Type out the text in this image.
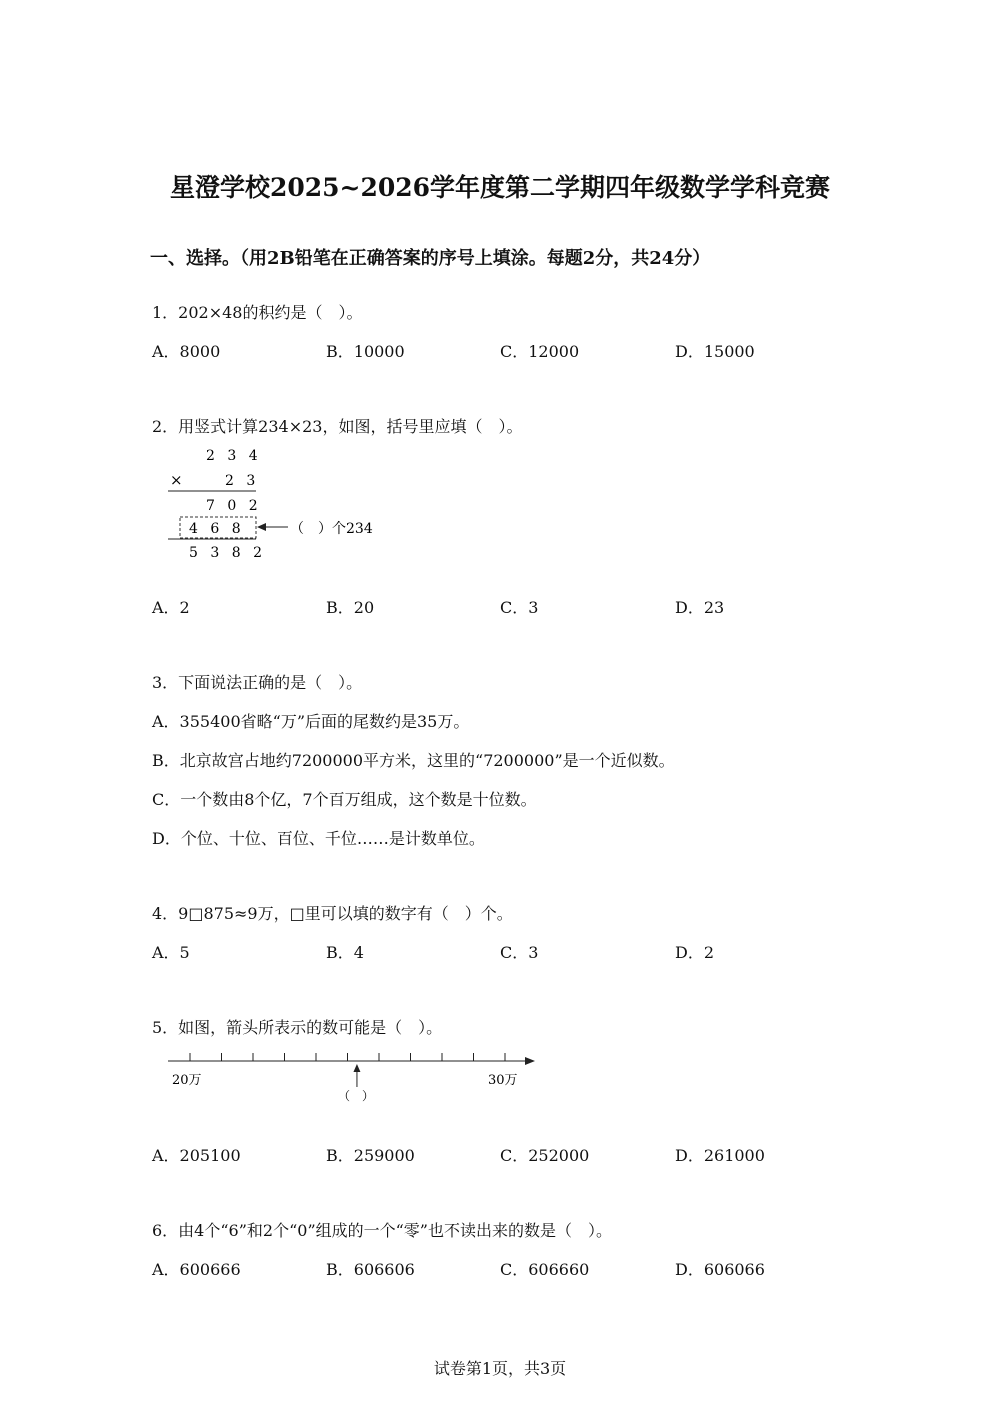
星澄学校2025~2026学年度第二学期四年级数学学科竞赛
一、选择。（用2B铅笔在正确答案的序号上填涂。每题2分，共24分）
1．202×48的积约是（　）。
A．8000	B．10000	C．12000	D．15000
2．用竖式计算234×23，如图，括号里应填（　）。
2 3 4
×	2 3
7 0 2
4 6 8	（　）个234
5 3 8 2
A．2	B．20	C．3	D．23
3．下面说法正确的是（　）。
A．355400省略“万”后面的尾数约是35万。
B．北京故宫占地约7200000平方米，这里的“7200000”是一个近似数。
C．一个数由8个亿，7个百万组成，这个数是十位数。
D．个位、十位、百位、千位……是计数单位。
4．9□875≈9万，□里可以填的数字有（　）个。
A．5	B．4	C．3	D．2
5．如图，箭头所表示的数可能是（　）。
20万	30万
（　）
A．205100	B．259000	C．252000	D．261000
6．由4个“6”和2个“0”组成的一个“零”也不读出来的数是（　）。
A．600666	B．606606	C．606660	D．606066
试卷第1页，共3页
